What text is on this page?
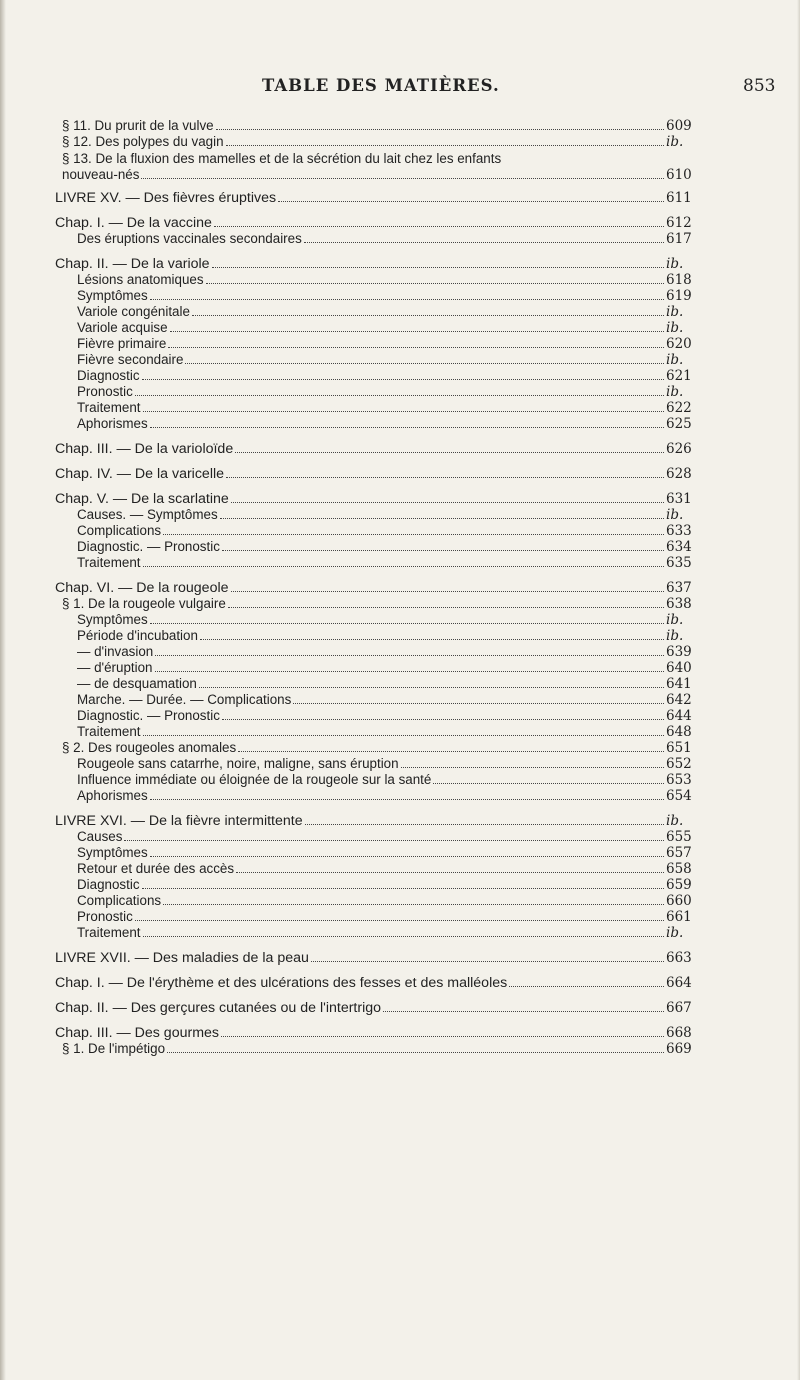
TABLE DES MATIÈRES.	853
§ 11. Du prurit de la vulve	609
§ 12. Des polypes du vagin	ib.
§ 13. De la fluxion des mamelles et de la sécrétion du lait chez les enfants
nouveau-nés	610
LIVRE XV. — Des fièvres éruptives	611
Chap. I. — De la vaccine	612
Des éruptions vaccinales secondaires	617
Chap. II. — De la variole	ib.
Lésions anatomiques	618
Symptômes	619
Variole congénitale	ib.
Variole acquise	ib.
Fièvre primaire	620
Fièvre secondaire	ib.
Diagnostic	621
Pronostic	ib.
Traitement	622
Aphorismes	625
Chap. III. — De la varioloïde	626
Chap. IV. — De la varicelle	628
Chap. V. — De la scarlatine	631
Causes. — Symptômes	ib.
Complications	633
Diagnostic. — Pronostic	634
Traitement	635
Chap. VI. — De la rougeole	637
§ 1. De la rougeole vulgaire	638
Symptômes	ib.
Période d'incubation	ib.
— d'invasion	639
— d'éruption	640
— de desquamation	641
Marche. — Durée. — Complications	642
Diagnostic. — Pronostic	644
Traitement	648
§ 2. Des rougeoles anomales	651
Rougeole sans catarrhe, noire, maligne, sans éruption	652
Influence immédiate ou éloignée de la rougeole sur la santé	653
Aphorismes	654
LIVRE XVI. — De la fièvre intermittente	ib.
Causes	655
Symptômes	657
Retour et durée des accès	658
Diagnostic	659
Complications	660
Pronostic	661
Traitement	ib.
LIVRE XVII. — Des maladies de la peau	663
Chap. I. — De l'érythème et des ulcérations des fesses et des malléoles	664
Chap. II. — Des gerçures cutanées ou de l'intertrigo	667
Chap. III. — Des gourmes	668
§ 1. De l'impétigo	669
